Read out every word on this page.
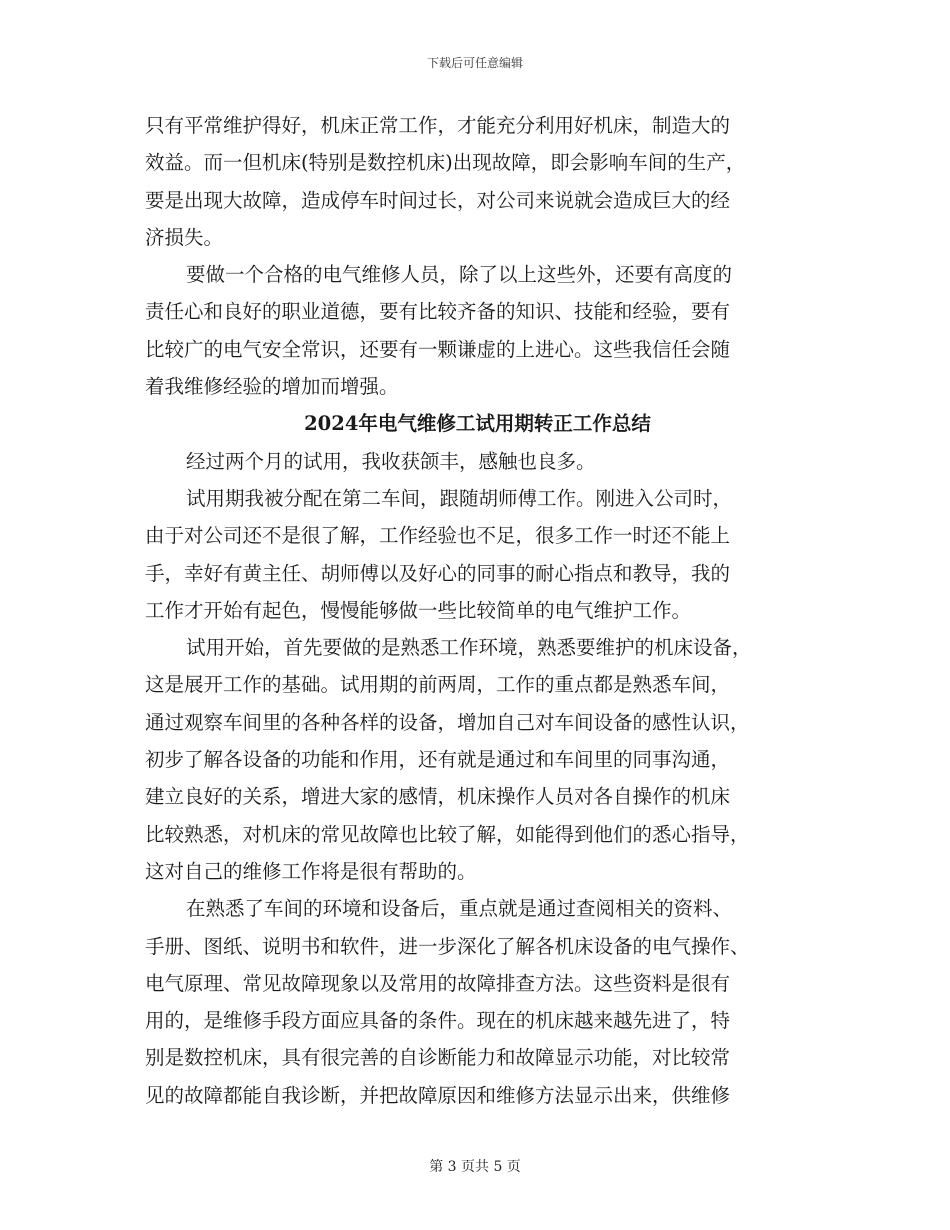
下载后可任意编辑
只有平常维护得好，机床正常工作，才能充分利用好机床，制造大的
效益。而一但机床(特别是数控机床)出现故障，即会影响车间的生产，
要是出现大故障，造成停车时间过长，对公司来说就会造成巨大的经
济损失。
要做一个合格的电气维修人员，除了以上这些外，还要有高度的
责任心和良好的职业道德，要有比较齐备的知识、技能和经验，要有
比较广的电气安全常识，还要有一颗谦虚的上进心。这些我信任会随
着我维修经验的增加而增强。
2024年电气维修工试用期转正工作总结
经过两个月的试用，我收获颌丰，感触也良多。
试用期我被分配在第二车间，跟随胡师傅工作。刚进入公司时，
由于对公司还不是很了解，工作经验也不足，很多工作一时还不能上
手，幸好有黄主任、胡师傅以及好心的同事的耐心指点和教导，我的
工作才开始有起色，慢慢能够做一些比较简单的电气维护工作。
试用开始，首先要做的是熟悉工作环境，熟悉要维护的机床设备，
这是展开工作的基础。试用期的前两周，工作的重点都是熟悉车间，
通过观察车间里的各种各样的设备，增加自己对车间设备的感性认识，
初步了解各设备的功能和作用，还有就是通过和车间里的同事沟通，
建立良好的关系，增进大家的感情，机床操作人员对各自操作的机床
比较熟悉，对机床的常见故障也比较了解，如能得到他们的悉心指导，
这对自己的维修工作将是很有帮助的。
在熟悉了车间的环境和设备后，重点就是通过查阅相关的资料、
手册、图纸、说明书和软件，进一步深化了解各机床设备的电气操作、
电气原理、常见故障现象以及常用的故障排查方法。这些资料是很有
用的，是维修手段方面应具备的条件。现在的机床越来越先进了，特
别是数控机床，具有很完善的自诊断能力和故障显示功能，对比较常
见的故障都能自我诊断，并把故障原因和维修方法显示出来，供维修
第 3 页共 5 页
